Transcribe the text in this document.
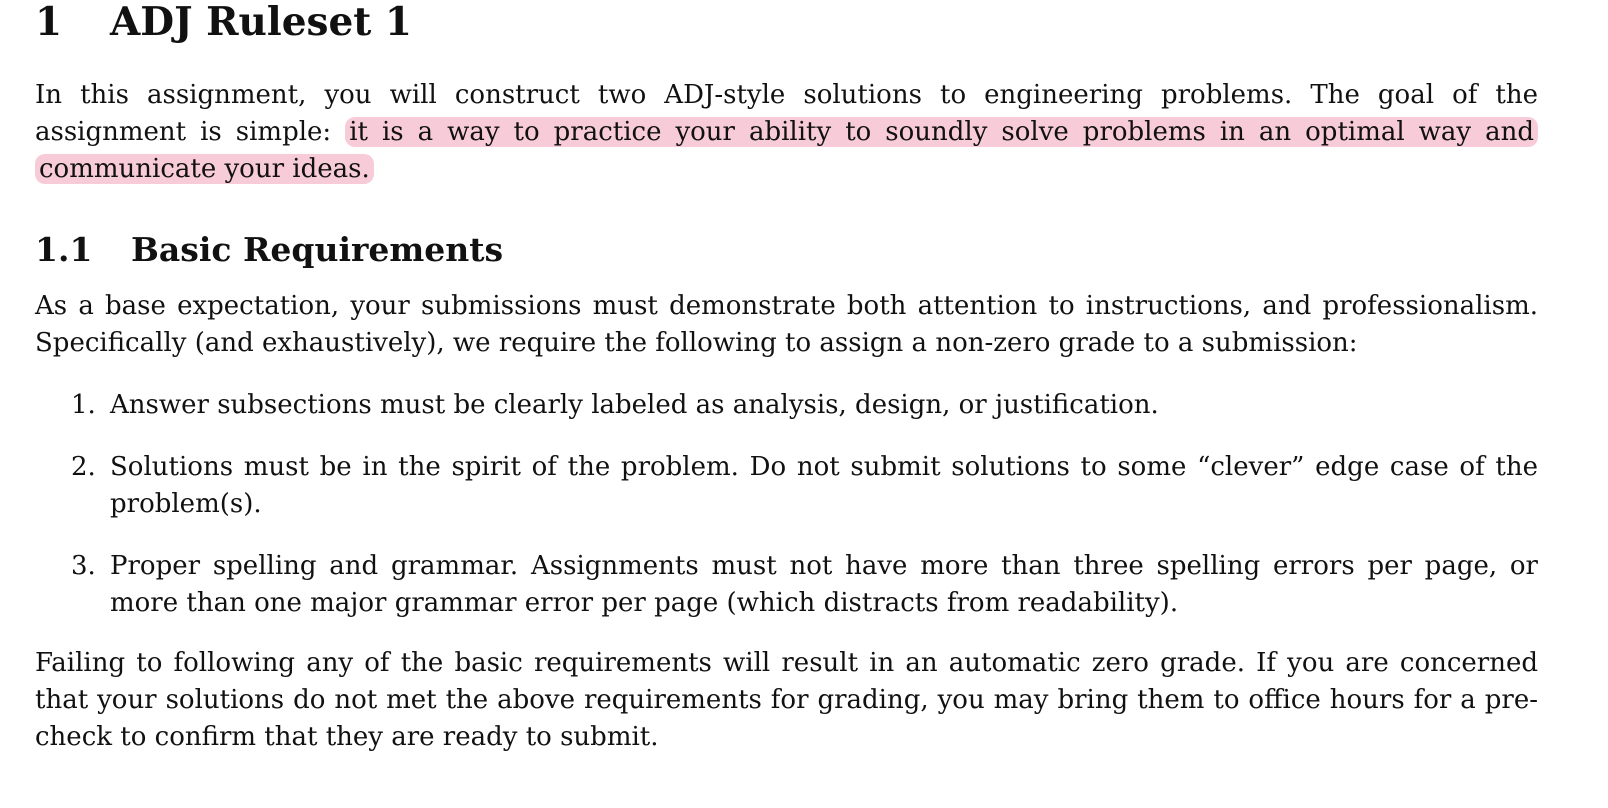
1	ADJ Ruleset 1

In this assignment, you will construct two ADJ-style solutions to engineering problems. The goal of the assignment is simple: it is a way to practice your ability to soundly solve problems in an optimal way and communicate your ideas.

1.1	Basic Requirements

As a base expectation, your submissions must demonstrate both attention to instructions, and professionalism. Specifically (and exhaustively), we require the following to assign a non-zero grade to a submission:

1. Answer subsections must be clearly labeled as analysis, design, or justification.
2. Solutions must be in the spirit of the problem. Do not submit solutions to some “clever” edge case of the problem(s).
3. Proper spelling and grammar. Assignments must not have more than three spelling errors per page, or more than one major grammar error per page (which distracts from readability).

Failing to following any of the basic requirements will result in an automatic zero grade. If you are concerned that your solutions do not met the above requirements for grading, you may bring them to office hours for a pre-check to confirm that they are ready to submit.
